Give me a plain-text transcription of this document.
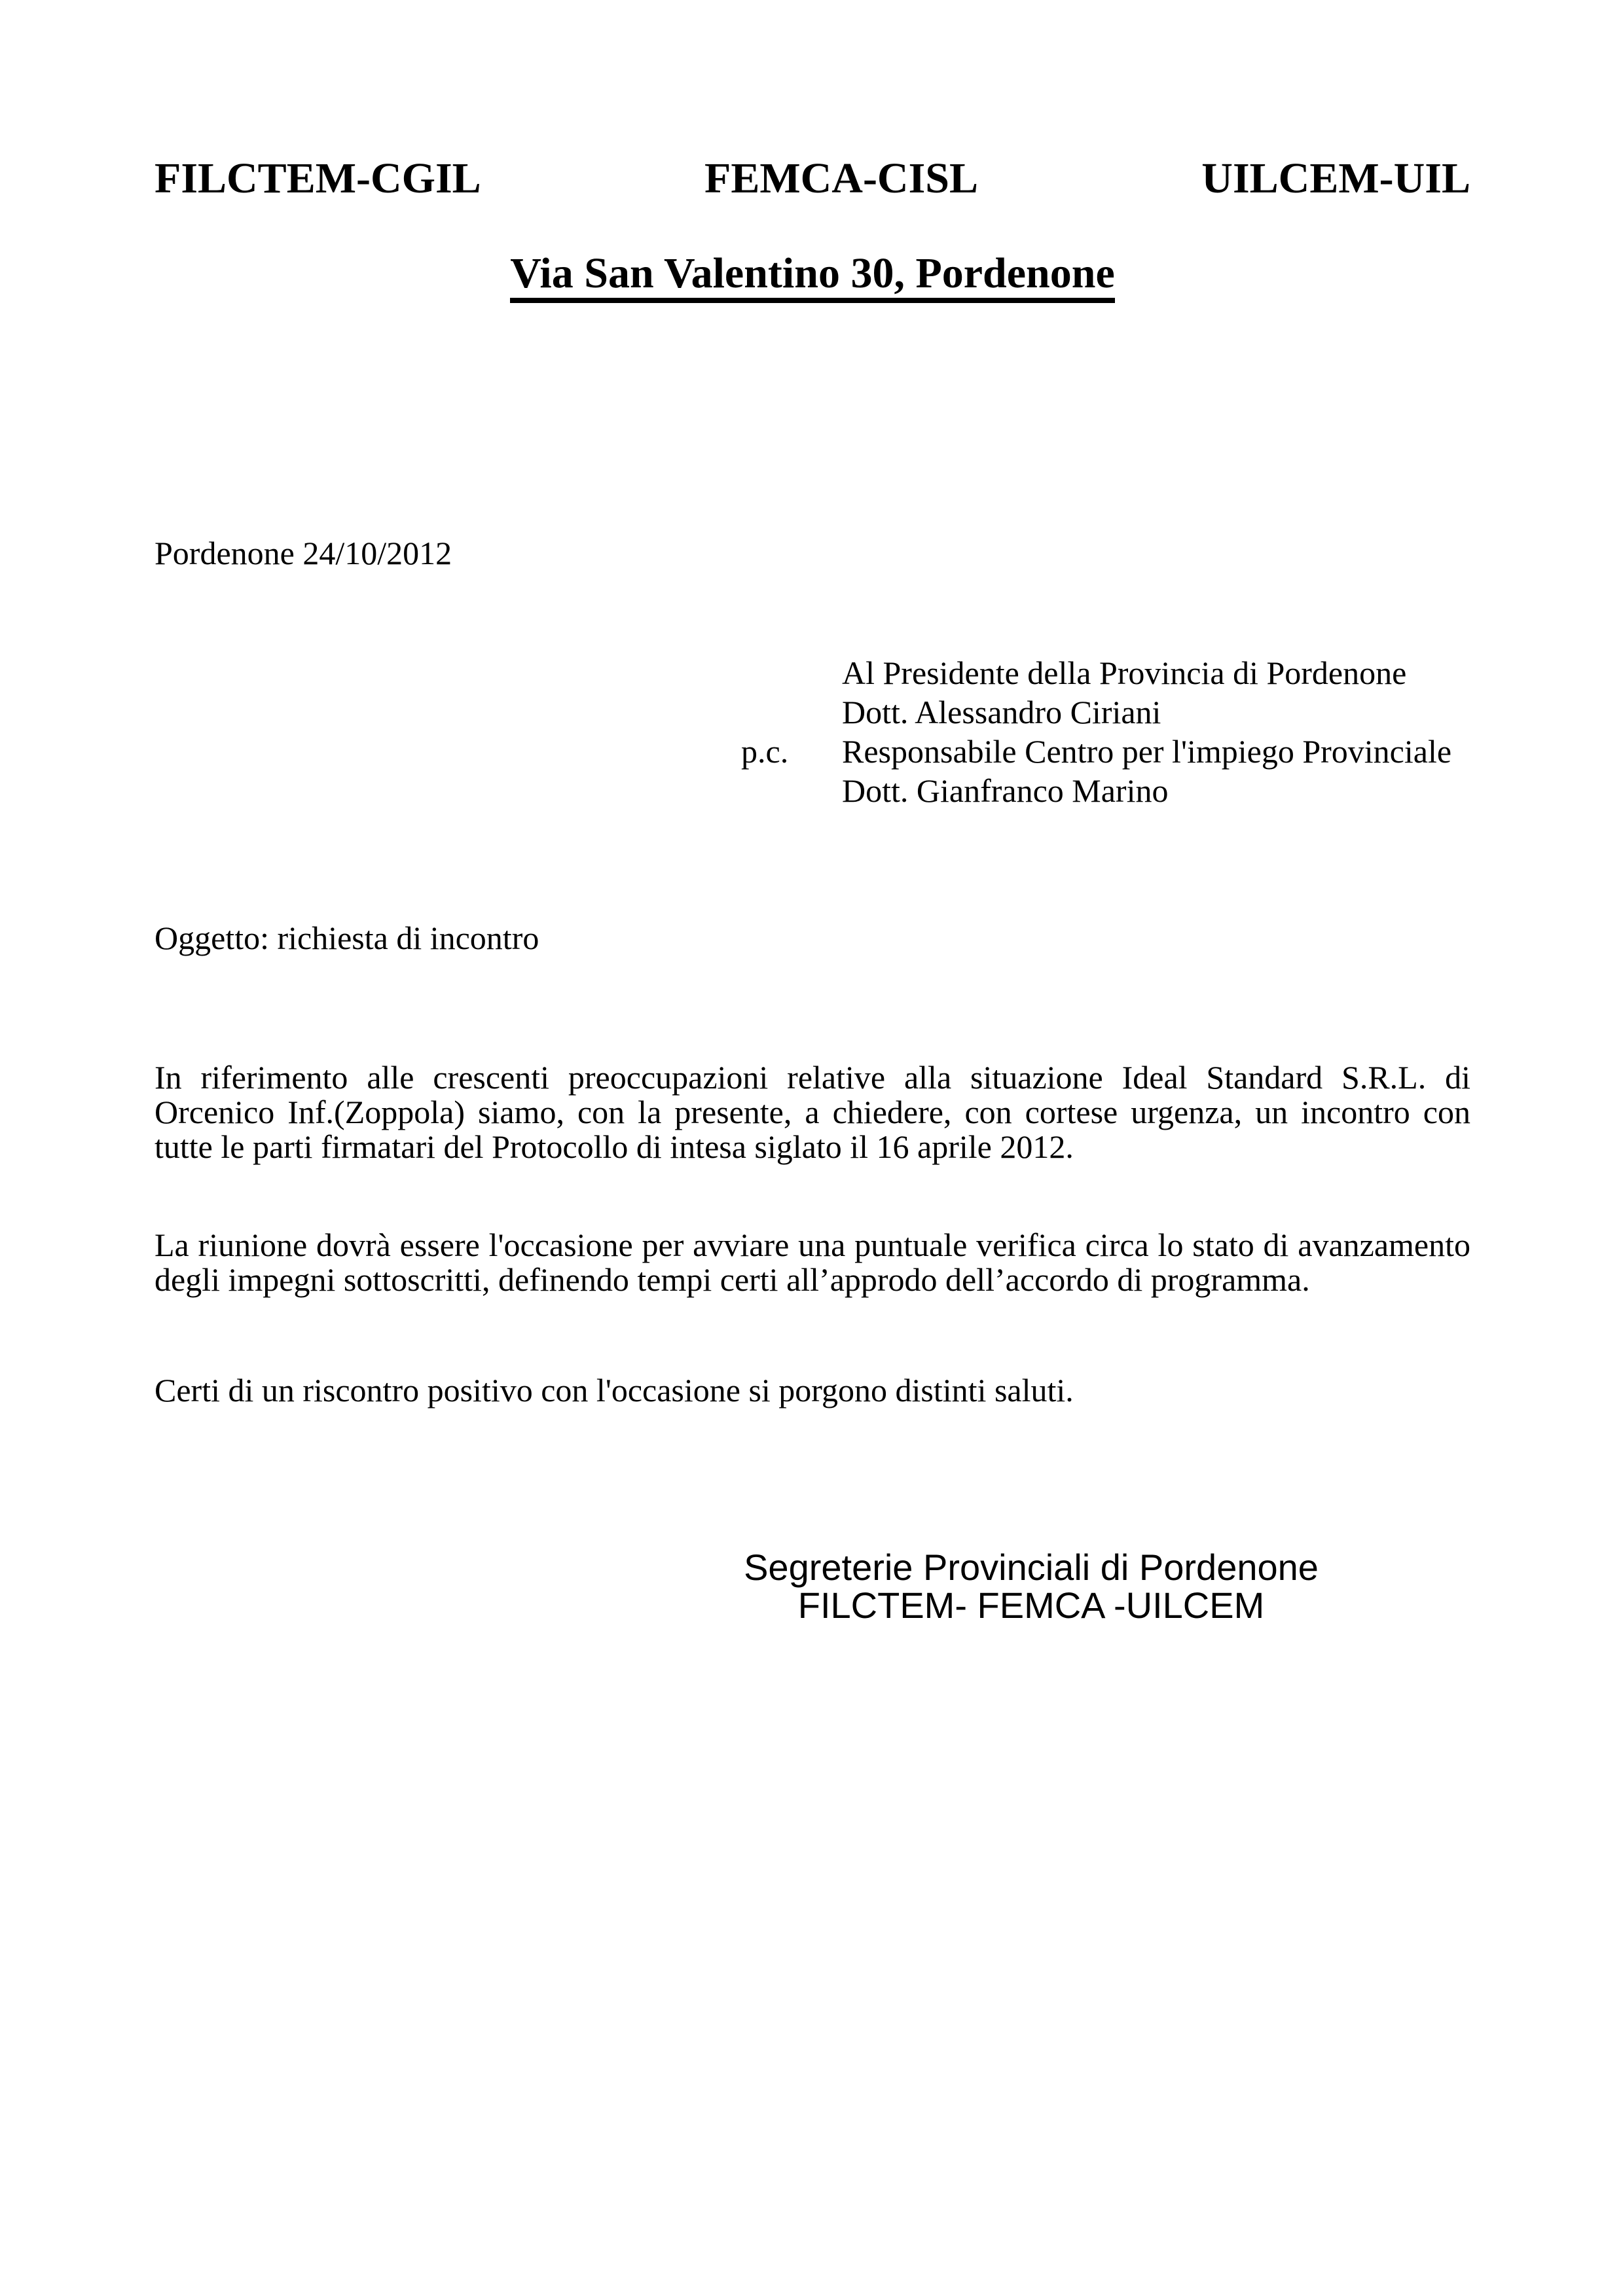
FILCTEM-CGIL	FEMCA-CISL	UILCEM-UIL
Via San Valentino 30, Pordenone
Pordenone 24/10/2012
Al Presidente della Provincia di Pordenone
Dott. Alessandro Ciriani
p.c. Responsabile Centro per l'impiego Provinciale
Dott. Gianfranco Marino
Oggetto: richiesta di incontro
In riferimento alle crescenti preoccupazioni relative alla situazione Ideal Standard S.R.L. di
Orcenico Inf.(Zoppola) siamo, con la presente, a chiedere, con cortese urgenza, un incontro con
tutte le parti firmatari del Protocollo di intesa siglato il 16 aprile 2012.
La riunione dovrà essere l'occasione per avviare una puntuale verifica circa lo stato di avanzamento
degli impegni sottoscritti, definendo tempi certi all’approdo dell’accordo di programma.
Certi di un riscontro positivo con l'occasione si porgono distinti saluti.
Segreterie Provinciali di Pordenone
FILCTEM- FEMCA -UILCEM
